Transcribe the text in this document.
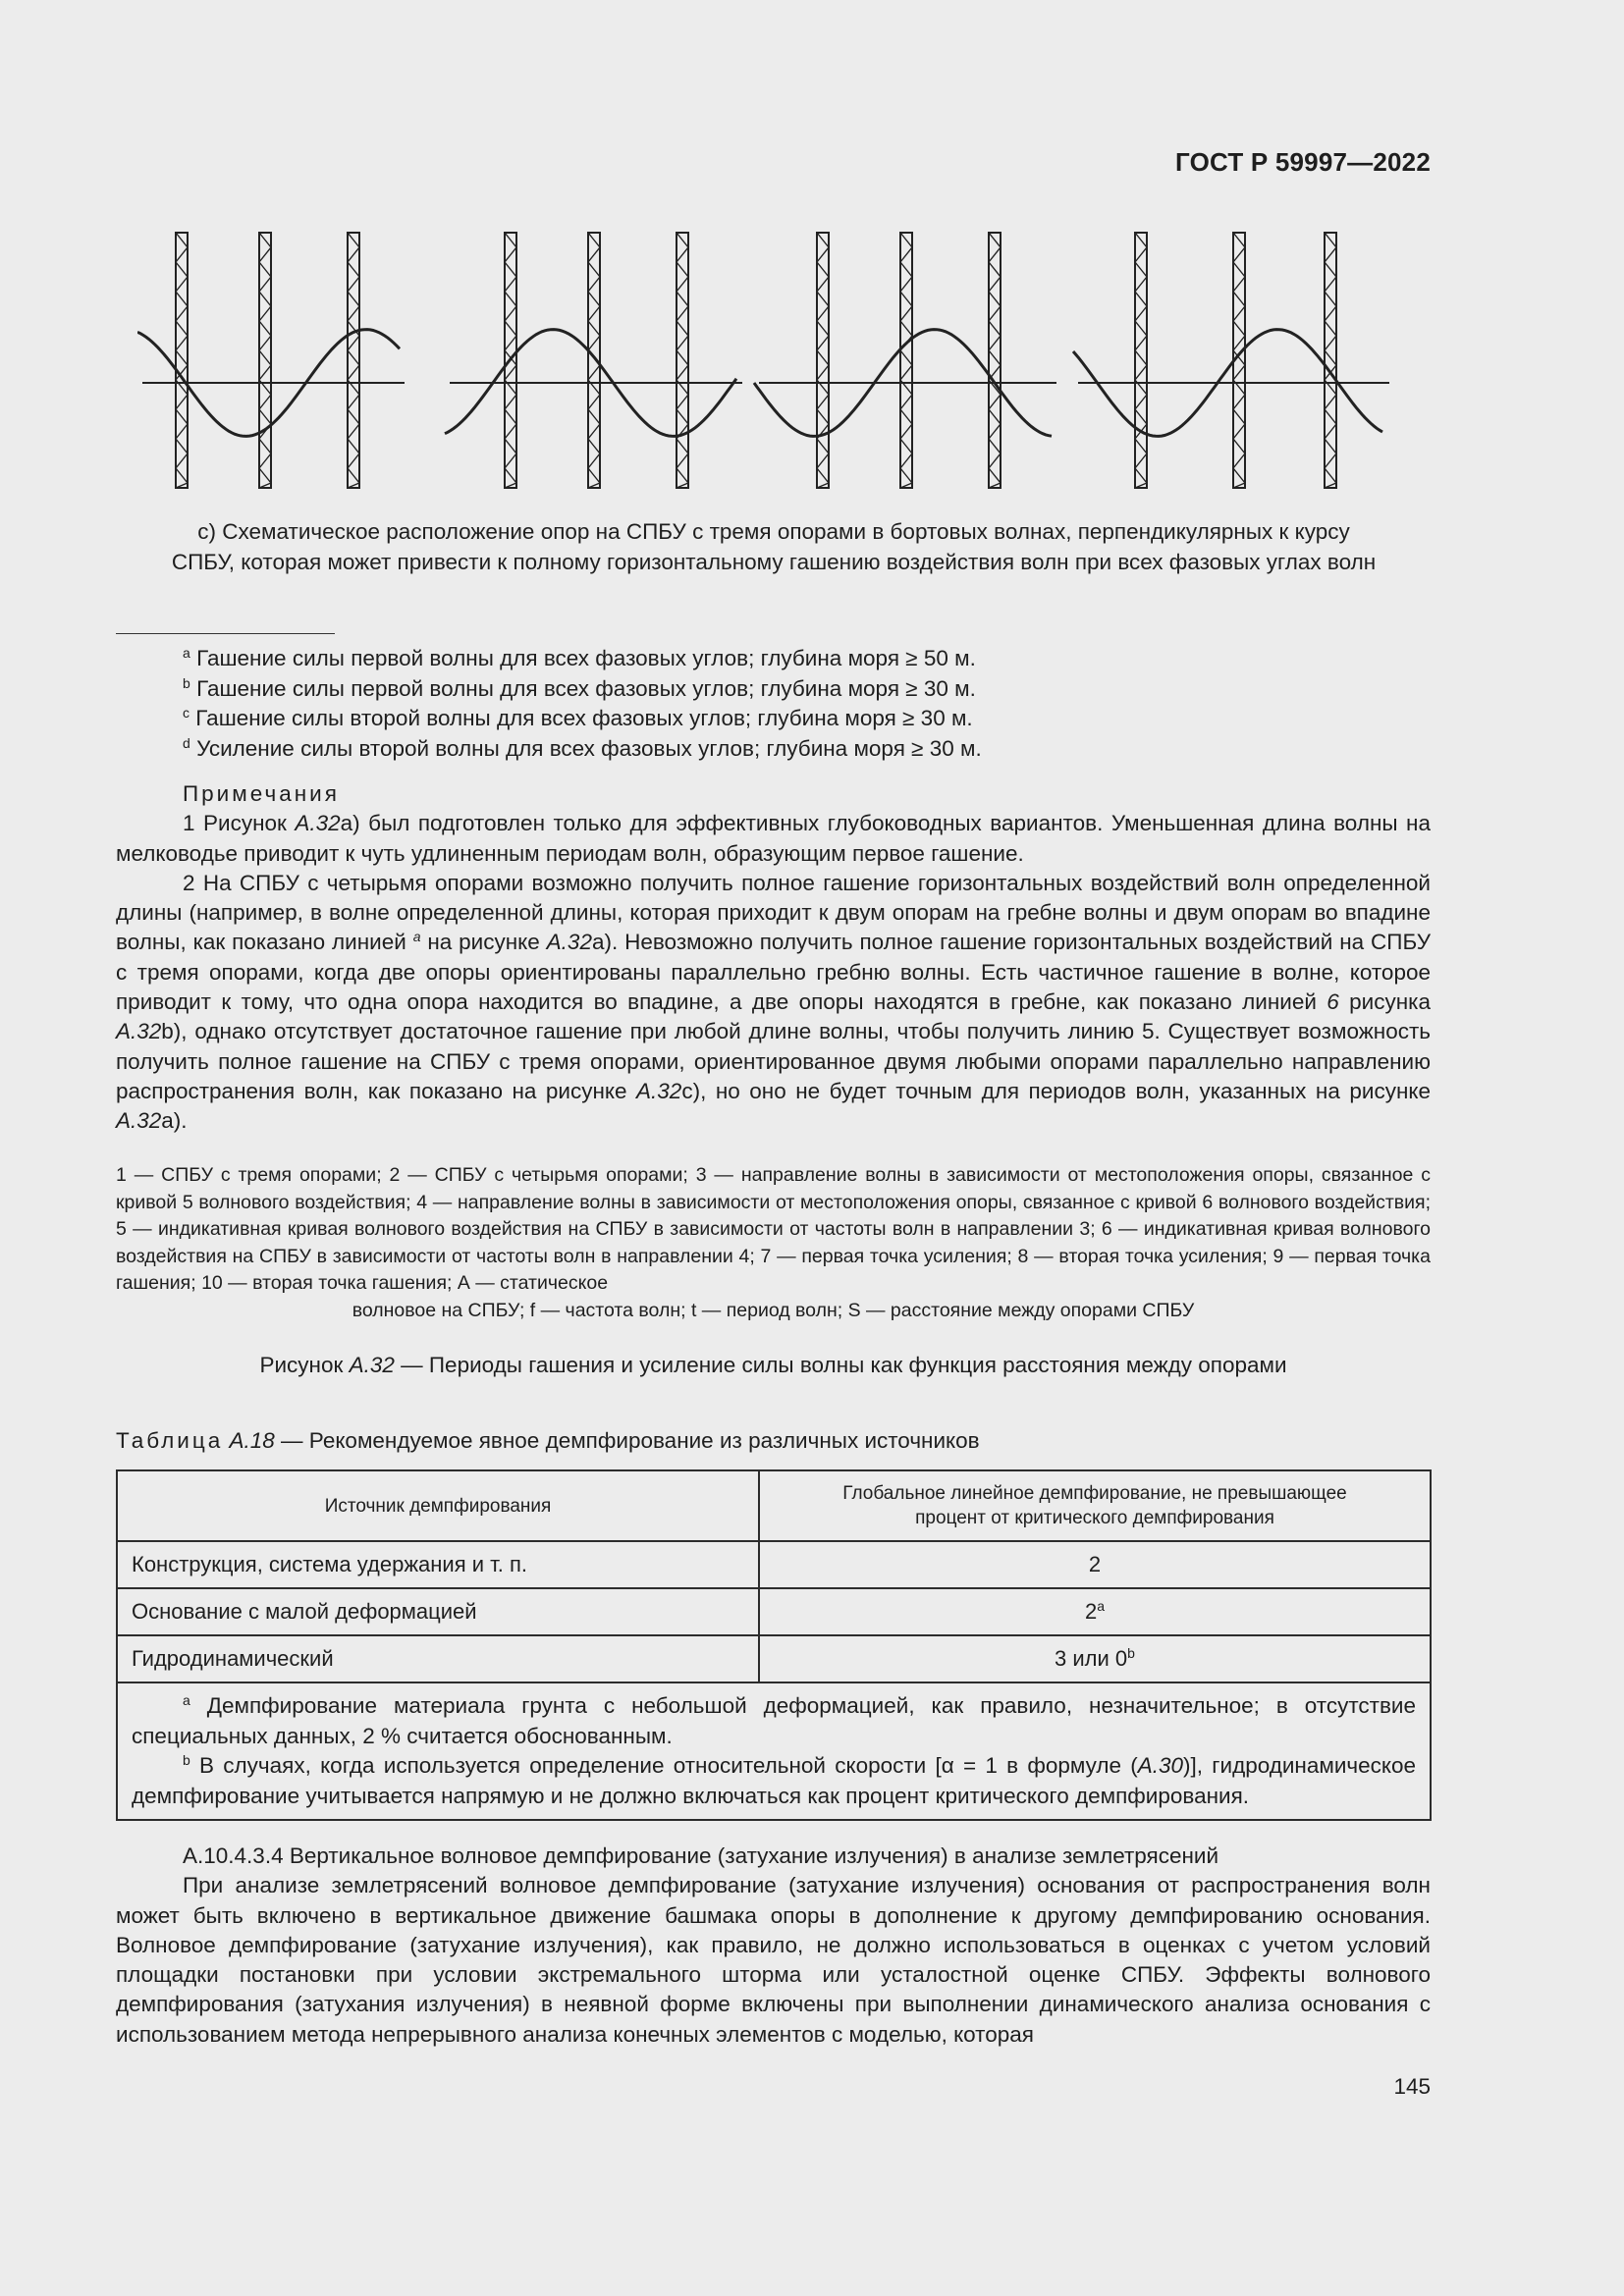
ГОСТ Р 59997—2022
с) Схематическое расположение опор на СПБУ с тремя опорами в бортовых волнах, перпендикулярных к курсу
СПБУ, которая может привести к полному горизонтальному гашению воздействия волн при всех фазовых углах волн

$^a$ Гашение силы первой волны для всех фазовых углов; глубина моря ≥ 50 м.

$^b$ Гашение силы первой волны для всех фазовых углов; глубина моря ≥ 30 м.

$^c$ Гашение силы второй волны для всех фазовых углов; глубина моря ≥ 30 м.

$^d$ Усиление силы второй волны для всех фазовых углов; глубина моря ≥ 30 м.

Примечания

1 Рисунок А.32а) был подготовлен только для эффективных глубоководных вариантов. Уменьшенная длина волны на мелководье приводит к чуть удлиненным периодам волн, образующим первое гашение.

2 На СПБУ с четырьмя опорами возможно получить полное гашение горизонтальных воздействий волн определенной длины (например, в волне определенной длины, которая приходит к двум опорам на гребне волны и двум опорам во впадине волны, как показано линией $^a$ на рисунке А.32а). Невозможно получить полное гашение горизонтальных воздействий на СПБУ с тремя опорами, когда две опоры ориентированы параллельно гребню волны. Есть частичное гашение в волне, которое приводит к тому, что одна опора находится во впадине, а две опоры находятся в гребне, как показано линией 6 рисунка А.32b), однако отсутствует достаточное гашение при любой длине волны, чтобы получить линию 5. Существует возможность получить полное гашение на СПБУ с тремя опорами, ориентированное двумя любыми опорами параллельно направлению распространения волн, как показано на рисунке А.32с), но оно не будет точным для периодов волн, указанных на рисунке А.32а).

1 — СПБУ с тремя опорами; 2 — СПБУ с четырьмя опорами; 3 — направление волны в зависимости от местоположения опоры, связанное с кривой 5 волнового воздействия; 4 — направление волны в зависимости от местоположения опоры, связанное с кривой 6 волнового воздействия; 5 — индикативная кривая волнового воздействия на СПБУ в зависимости от частоты волн в направлении 3; 6 — индикативная кривая волнового воздействия на СПБУ в зависимости от частоты волн в направлении 4; 7 — первая точка усиления; 8 — вторая точка усиления; 9 — первая точка гашения; 10 — вторая точка гашения; А — статическое

волновое на СПБУ; f — частота волн; t — период волн; S — расстояние между опорами СПБУ

Рисунок А.32 — Периоды гашения и усиление силы волны как функция расстояния между опорами
Таблица А.18 — Рекомендуемое явное демпфирование из различных источников
Источник демпфирования	Глобальное линейное демпфирование, не превышающее
процент от критического демпфирования

Конструкция, система удержания и т. п.	2
Основание с малой деформацией	2$^a$
Гидродинамический	3 или 0$^b$

$^a$ Демпфирование материала грунта с небольшой деформацией, как правило, незначительное; в отсутствие специальных данных, 2 % считается обоснованным.

$^b$ В случаях, когда используется определение относительной скорости [α = 1 в формуле (А.30)], гидродинамическое демпфирование учитывается напрямую и не должно включаться как процент критического демпфирования.	

А.10.4.3.4 Вертикальное волновое демпфирование (затухание излучения) в анализе землетрясений

При анализе землетрясений волновое демпфирование (затухание излучения) основания от распространения волн может быть включено в вертикальное движение башмака опоры в дополнение к другому демпфированию основания. Волновое демпфирование (затухание излучения), как правило, не должно использоваться в оценках с учетом условий площадки постановки при условии экстремального шторма или усталостной оценке СПБУ. Эффекты волнового демпфирования (затухания излучения) в неявной форме включены при выполнении динамического анализа основания с использованием метода непрерывного анализа конечных элементов с моделью, которая

145
